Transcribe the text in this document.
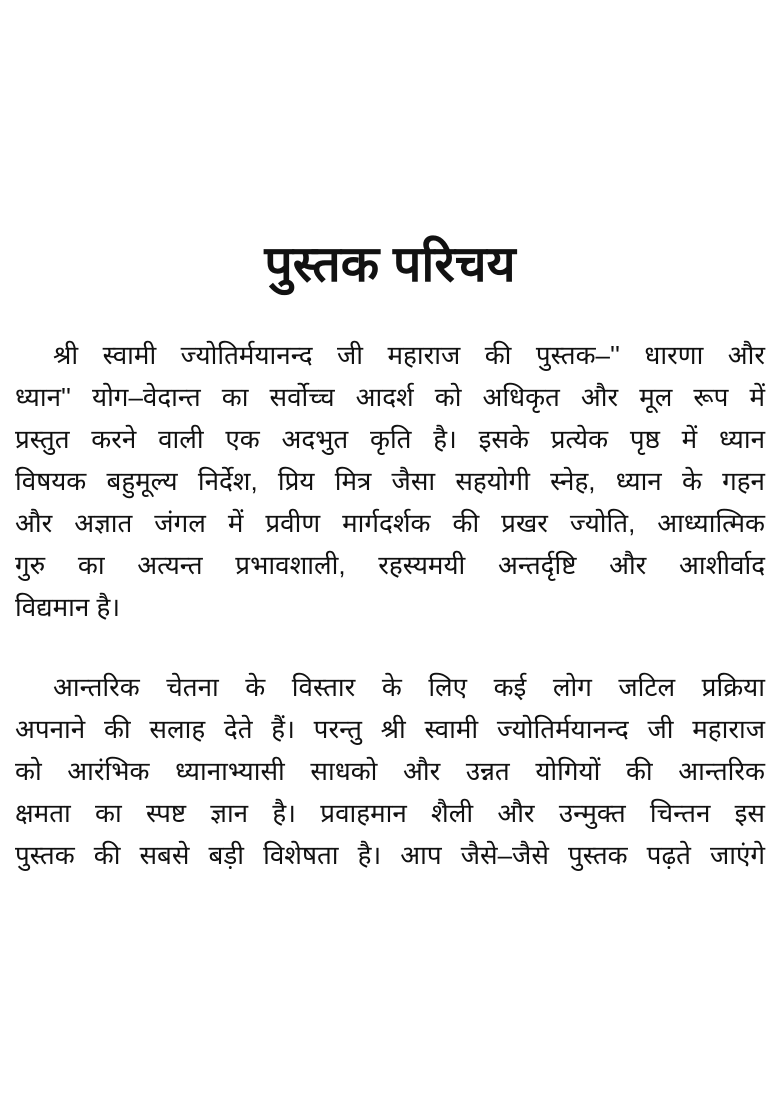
पुस्तक परिचय
श्री स्वामी ज्योतिर्मयानन्द जी महाराज की पुस्तक–'' धारणा और
ध्यान'' योग–वेदान्त का सर्वोच्च आदर्श को अधिकृत और मूल रूप में
प्रस्तुत करने वाली एक अदभुत कृति है। इसके प्रत्येक पृष्ठ में ध्यान
विषयक बहुमूल्य निर्देश, प्रिय मित्र जैसा सहयोगी स्नेह, ध्यान के गहन
और अज्ञात जंगल में प्रवीण मार्गदर्शक की प्रखर ज्योति, आध्यात्मिक
गुरु का अत्यन्त प्रभावशाली, रहस्यमयी अन्तर्दृष्टि और आशीर्वाद
विद्यमान है।
आन्तरिक चेतना के विस्तार के लिए कई लोग जटिल प्रक्रिया
अपनाने की सलाह देते हैं। परन्तु श्री स्वामी ज्योतिर्मयानन्द जी महाराज
को आरंभिक ध्यानाभ्यासी साधको और उन्नत योगियों की आन्तरिक
क्षमता का स्पष्ट ज्ञान है। प्रवाहमान शैली और उन्मुक्त चिन्तन इस
पुस्तक की सबसे बड़ी विशेषता है। आप जैसे–जैसे पुस्तक पढ़ते जाएंगे
